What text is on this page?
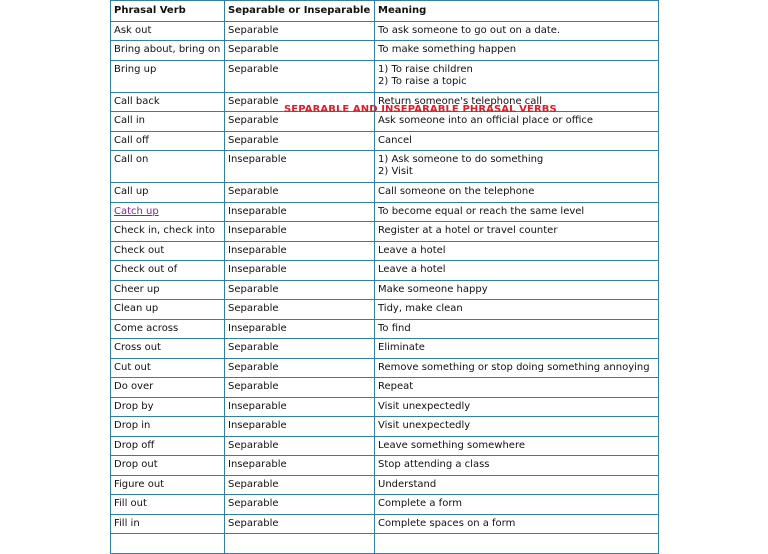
Phrasal Verb	Separable or Inseparable	Meaning
Ask out	Separable	To ask someone to go out on a date.

Bring about, bring on	Separable	To make something happen

Bring up	Separable	1) To raise children
2) To raise a topic

Call back	Separable	Return someone's telephone call

Call in	Separable	Ask someone into an official place or office

Call off	Separable	Cancel

Call on	Inseparable	1) Ask someone to do something
2) Visit

Call up	Separable	Call someone on the telephone

Catch up	Inseparable	To become equal or reach the same level

Check in, check into	Inseparable	Register at a hotel or travel counter

Check out	Inseparable	Leave a hotel

Check out of	Inseparable	Leave a hotel

Cheer up	Separable	Make someone happy

Clean up	Separable	Tidy, make clean

Come across	Inseparable	To find

Cross out	Separable	Eliminate

Cut out	Separable	Remove something or stop doing something annoying

Do over	Separable	Repeat

Drop by	Inseparable	Visit unexpectedly

Drop in	Inseparable	Visit unexpectedly

Drop off	Separable	Leave something somewhere

Drop out	Inseparable	Stop attending a class

Figure out	Separable	Understand

Fill out	Separable	Complete a form

Fill in	Separable	Complete spaces on a form

SEPARABLE AND INSEPARABLE PHRASAL VERBS
